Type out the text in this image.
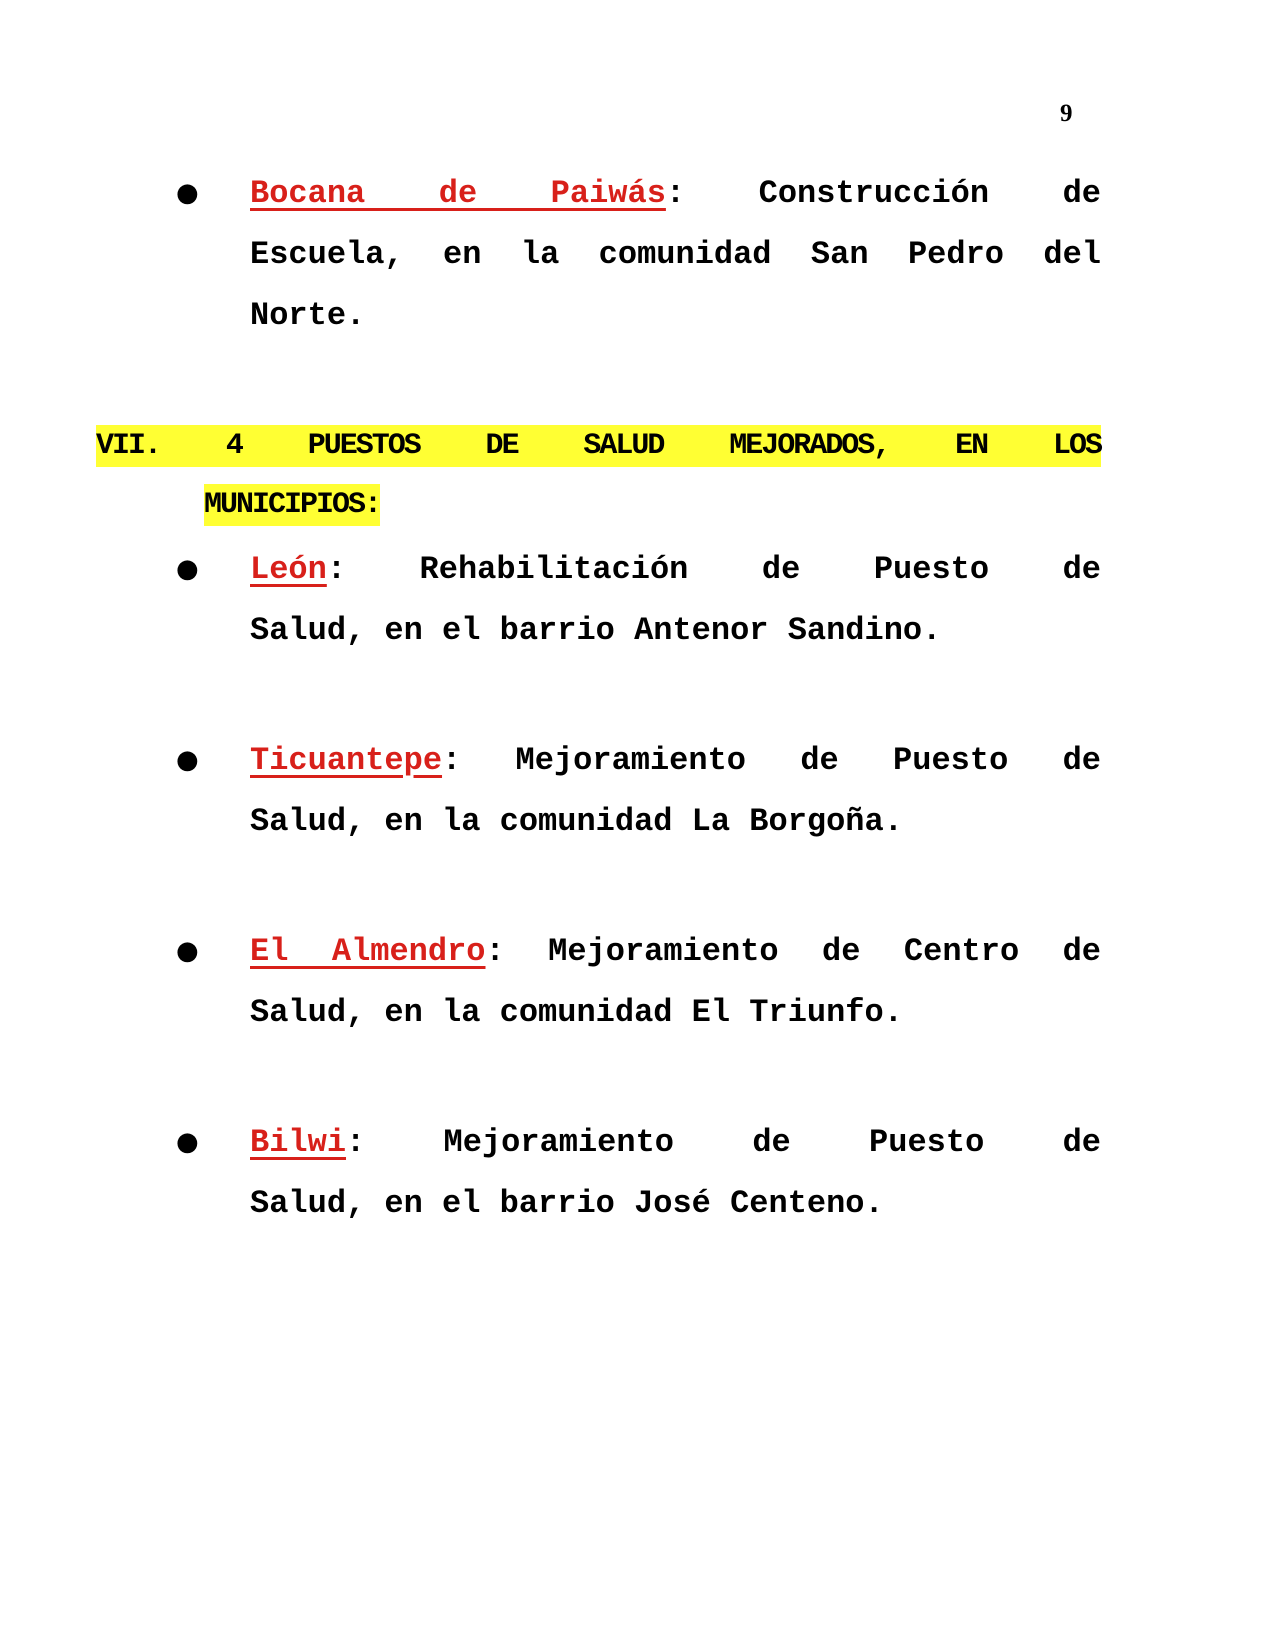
9
● Bocana de Paiwás: Construcción de
Escuela, en la comunidad San Pedro del
Norte.
VII. 4 PUESTOS DE SALUD MEJORADOS, EN LOS
MUNICIPIOS:
● León: Rehabilitación de Puesto de
Salud, en el barrio Antenor Sandino.
● Ticuantepe: Mejoramiento de Puesto de
Salud, en la comunidad La Borgoña.
● El Almendro: Mejoramiento de Centro de
Salud, en la comunidad El Triunfo.
● Bilwi: Mejoramiento de Puesto de
Salud, en el barrio José Centeno.
